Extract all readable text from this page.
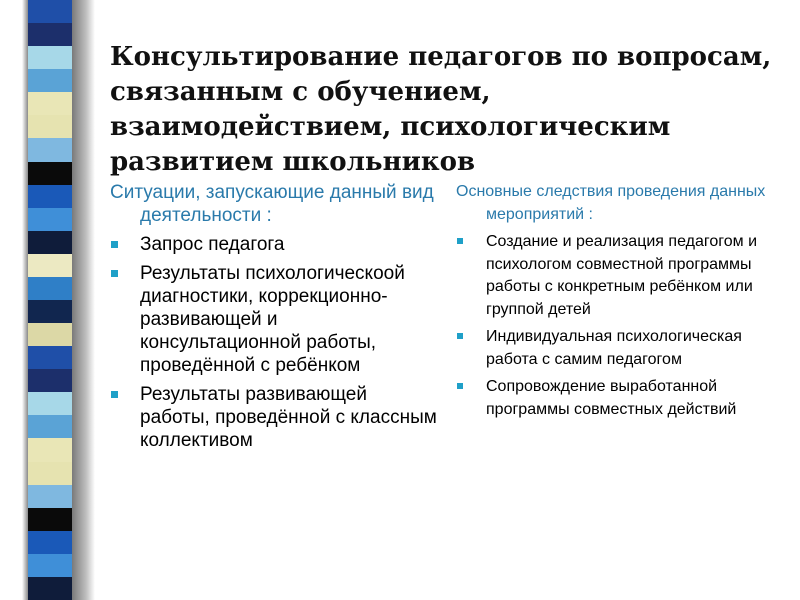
Консультирование педагогов по вопросам, связанным с обучением, взаимодействием, психологическим развитием школьников
Ситуации, запускающие данный вид деятельности :
Запрос педагога
Результаты психологическоой диагностики, коррекционно-развивающей и консультационной работы, проведённой с ребёнком
Результаты развивающей работы, проведённой с классным коллективом
Основные следствия проведения данных мероприятий :
Создание и реализация педагогом и психологом совместной программы работы с конкретным ребёнком или группой детей
Индивидуальная психологическая работа с самим педагогом
Сопровождение выработанной программы совместных действий
